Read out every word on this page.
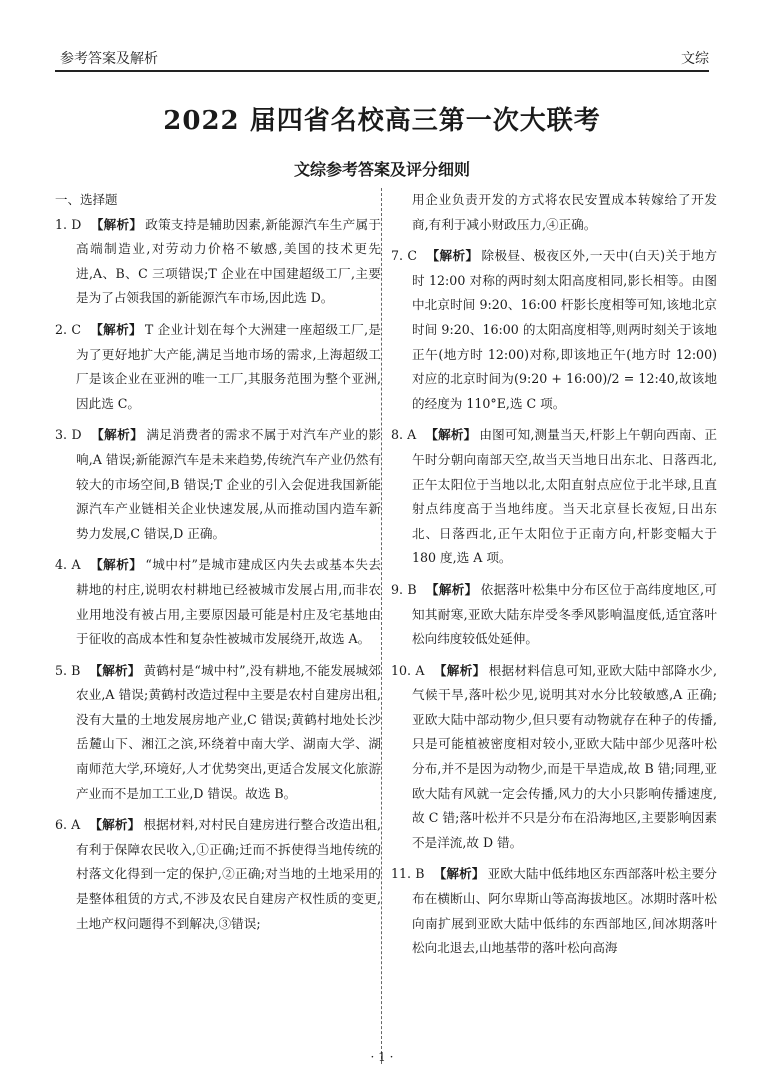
参考答案及解析	文综
2022 届四省名校高三第一次大联考
文综参考答案及评分细则
一、选择题
1. D 【解析】 政策支持是辅助因素,新能源汽车生产属于高端制造业,对劳动力价格不敏感,美国的技术更先进,A、B、C 三项错误;T 企业在中国建超级工厂,主要是为了占领我国的新能源汽车市场,因此选 D。
2. C 【解析】 T 企业计划在每个大洲建一座超级工厂,是为了更好地扩大产能,满足当地市场的需求,上海超级工厂是该企业在亚洲的唯一工厂,其服务范围为整个亚洲,因此选 C。
3. D 【解析】 满足消费者的需求不属于对汽车产业的影响,A 错误;新能源汽车是未来趋势,传统汽车产业仍然有较大的市场空间,B 错误;T 企业的引入会促进我国新能源汽车产业链相关企业快速发展,从而推动国内造车新势力发展,C 错误,D 正确。
4. A 【解析】 “城中村”是城市建成区内失去或基本失去耕地的村庄,说明农村耕地已经被城市发展占用,而非农业用地没有被占用,主要原因最可能是村庄及宅基地由于征收的高成本性和复杂性被城市发展绕开,故选 A。
5. B 【解析】 黄鹤村是“城中村”,没有耕地,不能发展城郊农业,A 错误;黄鹤村改造过程中主要是农村自建房出租,没有大量的土地发展房地产业,C 错误;黄鹤村地处长沙岳麓山下、湘江之滨,环绕着中南大学、湖南大学、湖南师范大学,环境好,人才优势突出,更适合发展文化旅游产业而不是加工工业,D 错误。故选 B。
6. A 【解析】 根据材料,对村民自建房进行整合改造出租,有利于保障农民收入,①正确;迁而不拆使得当地传统的村落文化得到一定的保护,②正确;对当地的土地采用的是整体租赁的方式,不涉及农民自建房产权性质的变更,土地产权问题得不到解决,③错误;
用企业负责开发的方式将农民安置成本转嫁给了开发商,有利于减小财政压力,④正确。
7. C 【解析】 除极昼、极夜区外,一天中(白天)关于地方时 12:00 对称的两时刻太阳高度相同,影长相等。由图中北京时间 9:20、16:00 杆影长度相等可知,该地北京时间 9:20、16:00 的太阳高度相等,则两时刻关于该地正午(地方时 12:00)对称,即该地正午(地方时 12:00)对应的北京时间为(9:20 + 16:00)/2 = 12:40,故该地的经度为 110°E,选 C 项。
8. A 【解析】 由图可知,测量当天,杆影上午朝向西南、正午时分朝向南部天空,故当天当地日出东北、日落西北,正午太阳位于当地以北,太阳直射点应位于北半球,且直射点纬度高于当地纬度。当天北京昼长夜短,日出东北、日落西北,正午太阳位于正南方向,杆影变幅大于 180 度,选 A 项。
9. B 【解析】 依据落叶松集中分布区位于高纬度地区,可知其耐寒,亚欧大陆东岸受冬季风影响温度低,适宜落叶松向纬度较低处延伸。
10. A 【解析】 根据材料信息可知,亚欧大陆中部降水少,气候干旱,落叶松少见,说明其对水分比较敏感,A 正确;亚欧大陆中部动物少,但只要有动物就存在种子的传播,只是可能植被密度相对较小,亚欧大陆中部少见落叶松分布,并不是因为动物少,而是干旱造成,故 B 错;同理,亚欧大陆有风就一定会传播,风力的大小只影响传播速度,故 C 错;落叶松并不只是分布在沿海地区,主要影响因素不是洋流,故 D 错。
11. B 【解析】 亚欧大陆中低纬地区东西部落叶松主要分布在横断山、阿尔卑斯山等高海拔地区。冰期时落叶松向南扩展到亚欧大陆中低纬的东西部地区,间冰期落叶松向北退去,山地基带的落叶松向高海
· 1 ·
